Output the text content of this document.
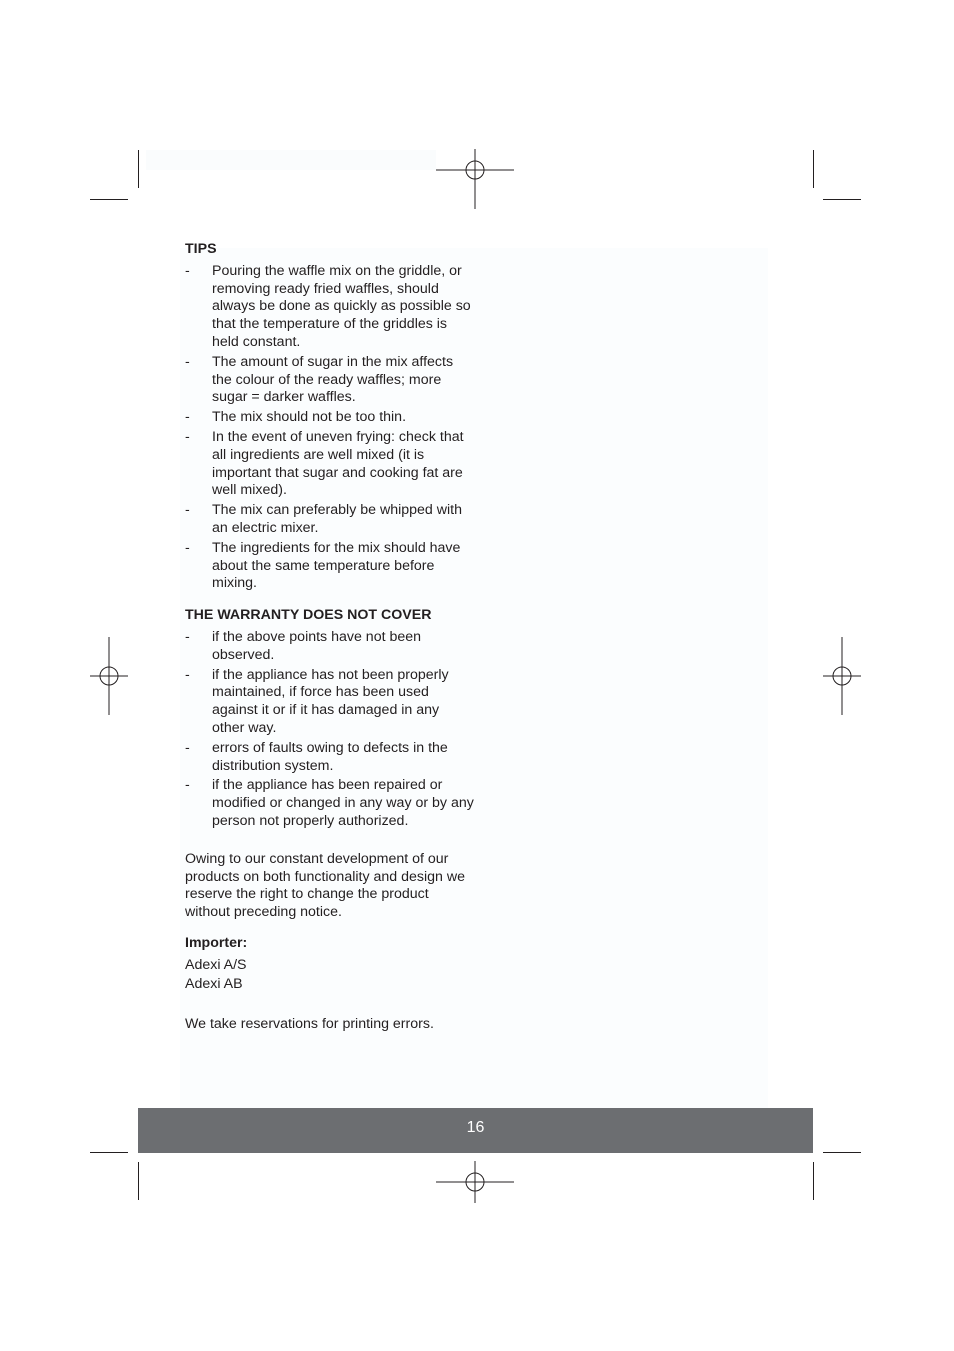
TIPS

- Pouring the waffle mix on the griddle, or removing ready fried waffles, should always be done as quickly as possible so that the temperature of the griddles is held constant.
- The amount of sugar in the mix affects the colour of the ready waffles; more sugar = darker waffles.
- The mix should not be too thin.
- In the event of uneven frying: check that all ingredients are well mixed (it is important that sugar and cooking fat are well mixed).
- The mix can preferably be whipped with an electric mixer.
- The ingredients for the mix should have about the same temperature before mixing.

THE WARRANTY DOES NOT COVER

- if the above points have not been observed.
- if the appliance has not been properly maintained, if force has been used against it or if it has damaged in any other way.
- errors of faults owing to defects in the distribution system.
- if the appliance has been repaired or modified or changed in any way or by any person not properly authorized.

Owing to our constant development of our products on both functionality and design we reserve the right to change the product without preceding notice.

Importer:

Adexi A/S

Adexi AB

We take reservations for printing errors.

16
